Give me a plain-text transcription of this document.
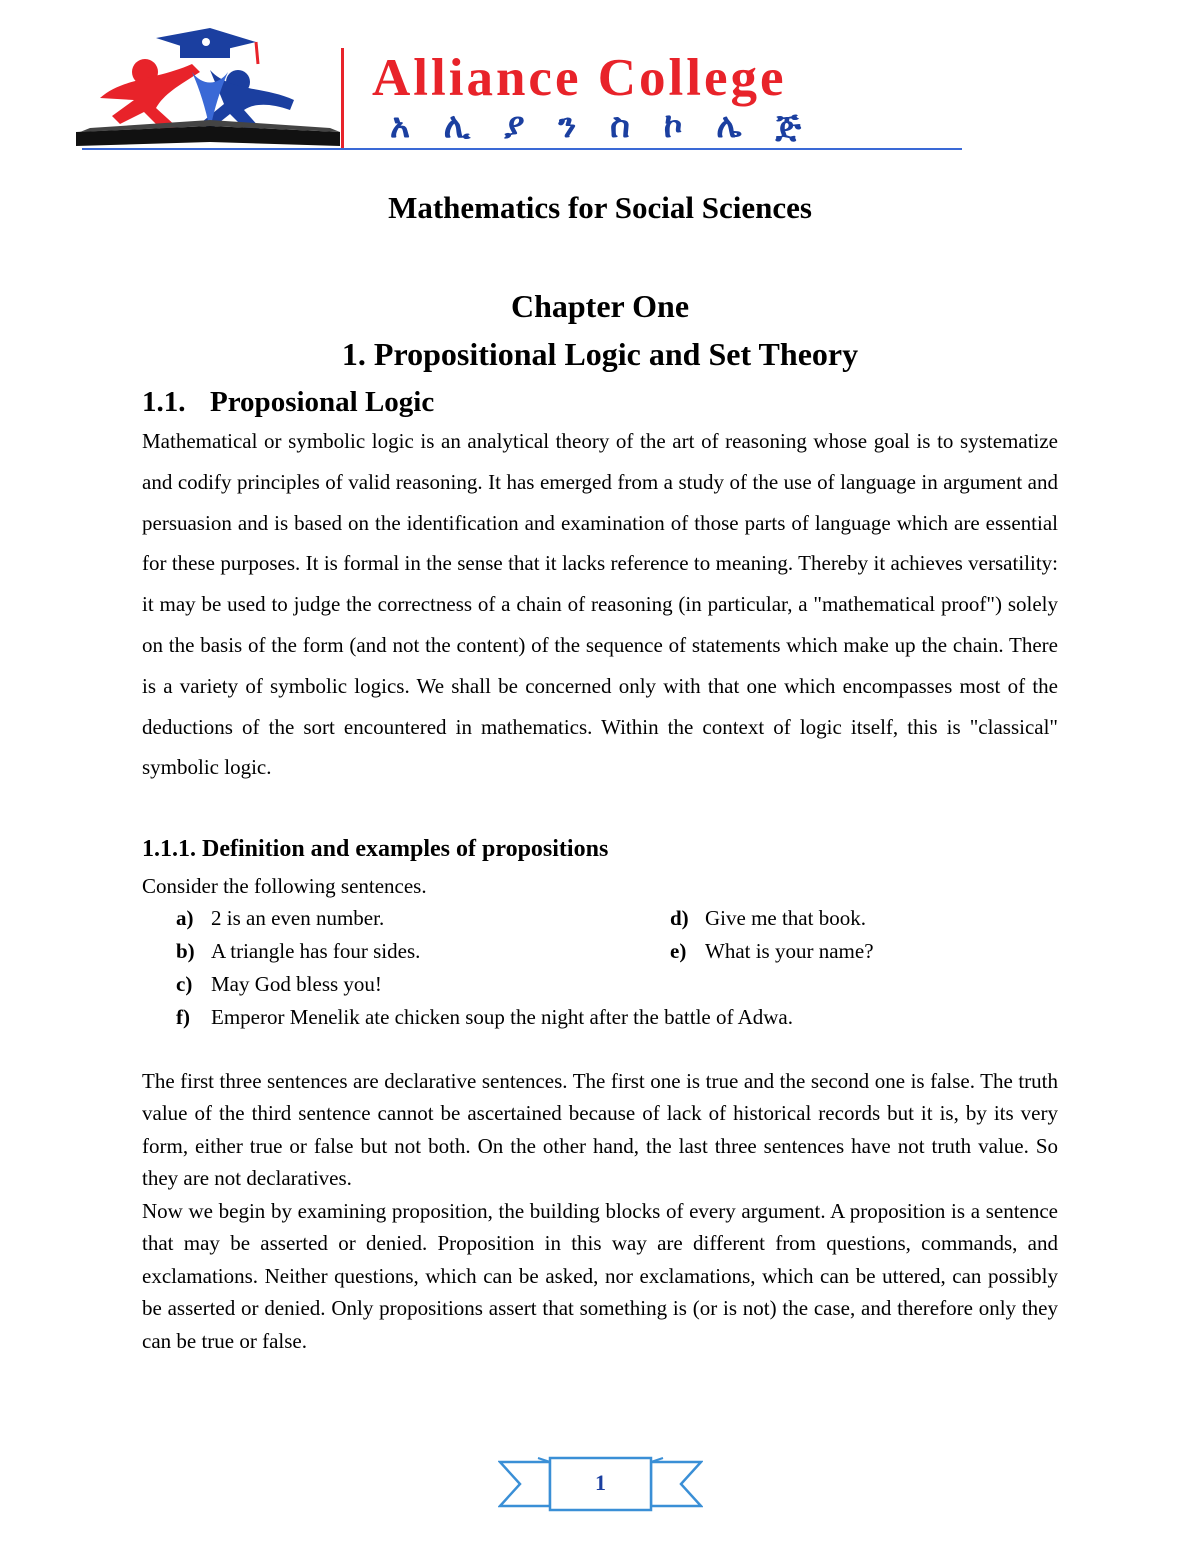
Alliance College
አ ሊ ያ ን ስ ኮ ሌ ጅ
Mathematics for Social Sciences
Chapter One
1. Propositional Logic and Set Theory
1.1. Proposional Logic

Mathematical or symbolic logic is an analytical theory of the art of reasoning whose goal is to systematize and codify principles of valid reasoning. It has emerged from a study of the use of language in argument and persuasion and is based on the identification and examination of those parts of language which are essential for these purposes. It is formal in the sense that it lacks reference to meaning. Thereby it achieves versatility: it may be used to judge the correctness of a chain of reasoning (in particular, a "mathematical proof") solely on the basis of the form (and not the content) of the sequence of statements which make up the chain. There is a variety of symbolic logics. We shall be concerned only with that one which encompasses most of the deductions of the sort encountered in mathematics. Within the context of logic itself, this is "classical" symbolic logic.

1.1.1. Definition and examples of propositions

Consider the following sentences.

a) 2 is an even number.	d) Give me that book.
b) A triangle has four sides.	e) What is your name?
c) May God bless you!
f) Emperor Menelik ate chicken soup the night after the battle of Adwa.

The first three sentences are declarative sentences. The first one is true and the second one is false. The truth value of the third sentence cannot be ascertained because of lack of historical records but it is, by its very form, either true or false but not both. On the other hand, the last three sentences have not truth value. So they are not declaratives.

Now we begin by examining proposition, the building blocks of every argument. A proposition is a sentence that may be asserted or denied. Proposition in this way are different from questions, commands, and exclamations. Neither questions, which can be asked, nor exclamations, which can be uttered, can possibly be asserted or denied. Only propositions assert that something is (or is not) the case, and therefore only they can be true or false.

1
